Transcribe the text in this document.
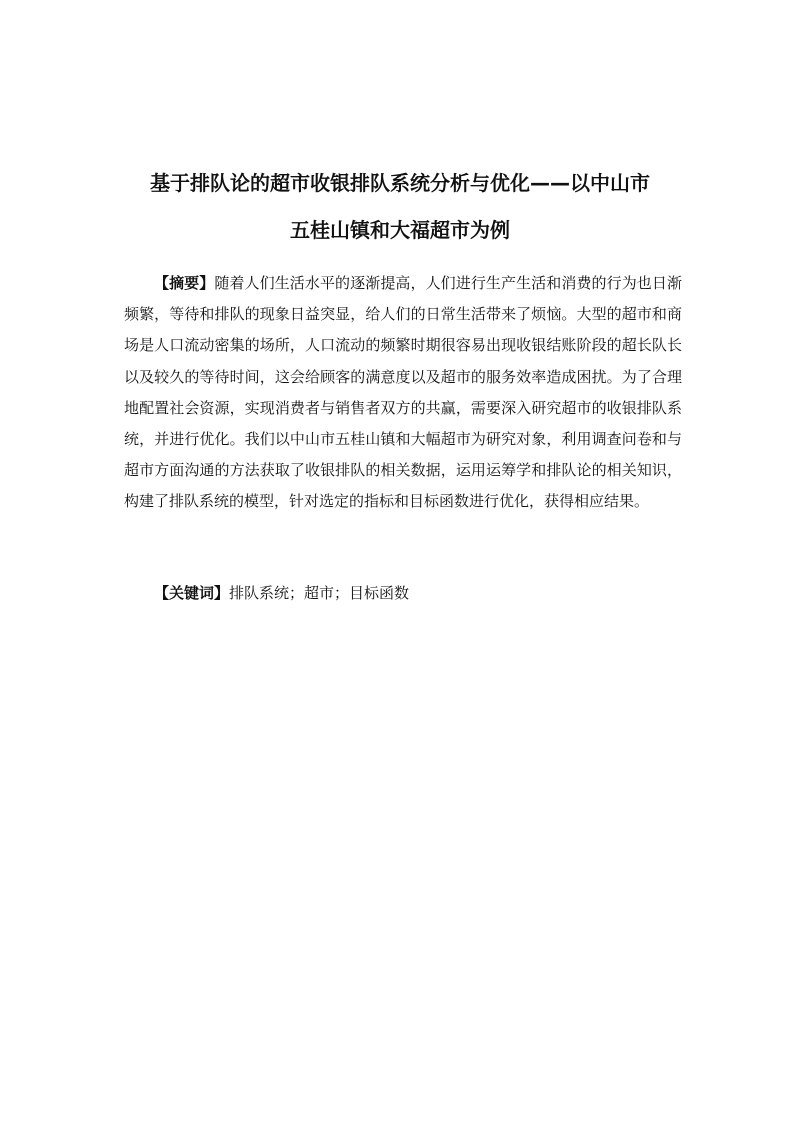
基于排队论的超市收银排队系统分析与优化——以中山市
五桂山镇和大福超市为例
【摘要】随着人们生活水平的逐渐提高，人们进行生产生活和消费的行为也日渐频繁，等待和排队的现象日益突显，给人们的日常生活带来了烦恼。大型的超市和商场是人口流动密集的场所，人口流动的频繁时期很容易出现收银结账阶段的超长队长以及较久的等待时间，这会给顾客的满意度以及超市的服务效率造成困扰。为了合理地配置社会资源，实现消费者与销售者双方的共赢，需要深入研究超市的收银排队系统，并进行优化。我们以中山市五桂山镇和大幅超市为研究对象，利用调查问卷和与超市方面沟通的方法获取了收银排队的相关数据，运用运筹学和排队论的相关知识，构建了排队系统的模型，针对选定的指标和目标函数进行优化，获得相应结果。
【关键词】排队系统；超市；目标函数
